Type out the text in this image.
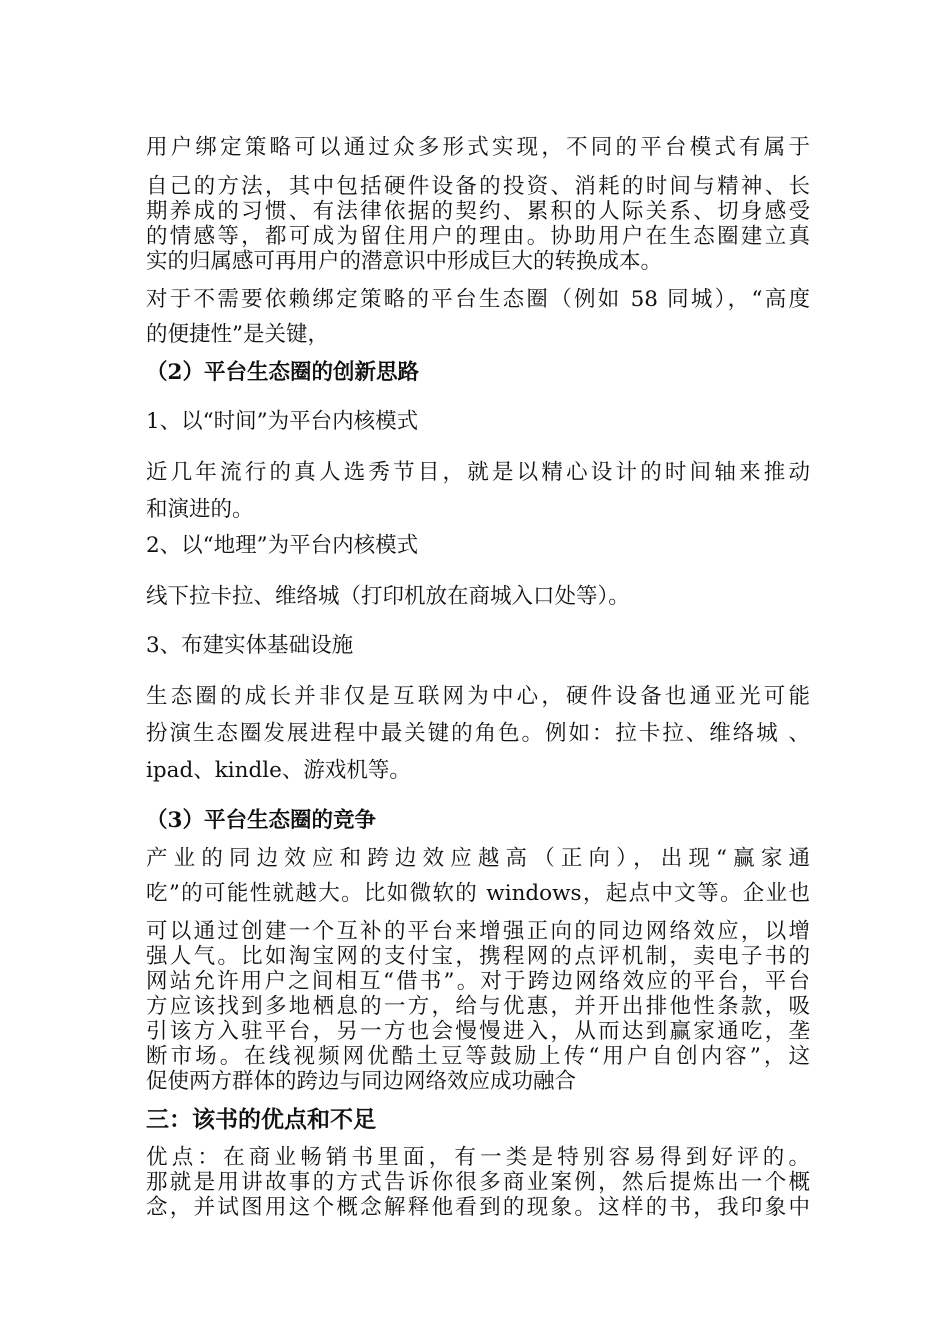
用户绑定策略可以通过众多形式实现，不同的平台模式有属于
自己的方法，其中包括硬件设备的投资、消耗的时间与精神、长
期养成的习惯、有法律依据的契约、累积的人际关系、切身感受
的情感等，都可成为留住用户的理由。协助用户在生态圈建立真
实的归属感可再用户的潜意识中形成巨大的转换成本。
对于不需要依赖绑定策略的平台生态圈（例如 58 同城），“高度
的便捷性”是关键，
（2）平台生态圈的创新思路
1、以“时间”为平台内核模式
近几年流行的真人选秀节目，就是以精心设计的时间轴来推动
和演进的。
2、以“地理”为平台内核模式
线下拉卡拉、维络城（打印机放在商城入口处等）。
3、布建实体基础设施
生态圈的成长并非仅是互联网为中心，硬件设备也通亚光可能
扮演生态圈发展进程中最关键的角色。例如：拉卡拉、维络城 、
ipad、kindle、游戏机等。
（3）平台生态圈的竞争
产业的同边效应和跨边效应越高（正向），出现“赢家通
吃”的可能性就越大。比如微软的 windows，起点中文等。企业也
可以通过创建一个互补的平台来增强正向的同边网络效应，以增
强人气。比如淘宝网的支付宝，携程网的点评机制，卖电子书的
网站允许用户之间相互“借书”。对于跨边网络效应的平台，平台
方应该找到多地栖息的一方，给与优惠，并开出排他性条款，吸
引该方入驻平台，另一方也会慢慢进入，从而达到赢家通吃，垄
断市场。在线视频网优酷土豆等鼓励上传“用户自创内容”，这
促使两方群体的跨边与同边网络效应成功融合
三：该书的优点和不足
优点：在商业畅销书里面，有一类是特别容易得到好评的。
那就是用讲故事的方式告诉你很多商业案例，然后提炼出一个概
念，并试图用这个概念解释他看到的现象。这样的书，我印象中
